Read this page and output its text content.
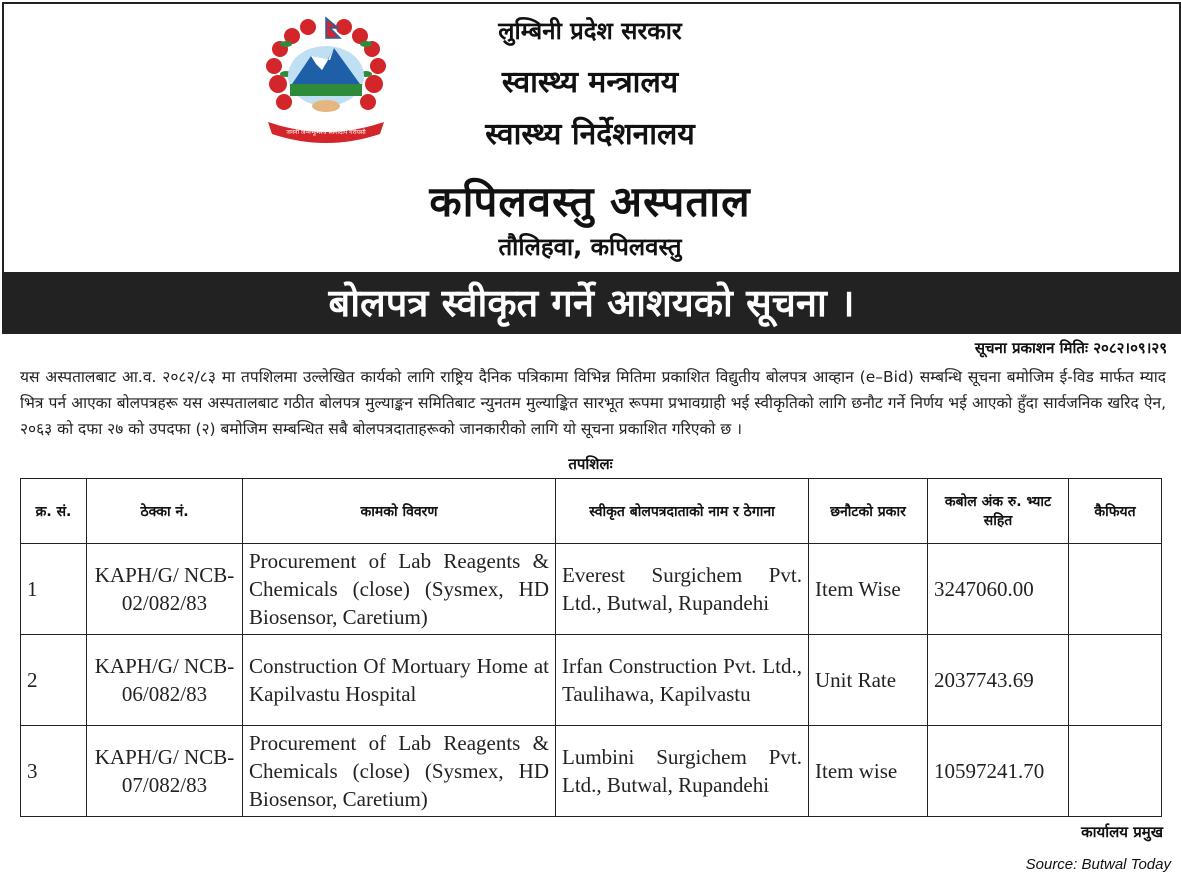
जननी जन्मभूमिश्च स्वर्गादपि गरीयसी
लुम्बिनी प्रदेश सरकार
स्वास्थ्य मन्त्रालय
स्वास्थ्य निर्देशनालय
कपिलवस्तु अस्पताल
तौलिहवा, कपिलवस्तु
बोलपत्र स्वीकृत गर्ने आशयको सूचना ।
सूचना प्रकाशन मितिः २०८२।०९।२९
यस अस्पतालबाट आ.व. २०८२/८३ मा तपशिलमा उल्लेखित कार्यको लागि राष्ट्रिय दैनिक पत्रिकामा विभिन्न मितिमा प्रकाशित विद्युतीय बोलपत्र आव्हान (e–Bid) सम्बन्धि सूचना बमोजिम ई-विड मार्फत म्याद भित्र पर्न आएका बोलपत्रहरू यस अस्पतालबाट गठीत बोलपत्र मुल्याङ्कन समितिबाट न्युनतम मुल्याङ्कित सारभूत रूपमा प्रभावग्राही भई स्वीकृतिको लागि छनौट गर्ने निर्णय भई आएको हुँदा सार्वजनिक खरिद ऐन, २०६३ को दफा २७ को उपदफा (२) बमोजिम सम्बन्धित सबै बोलपत्रदाताहरूको जानकारीको लागि यो सूचना प्रकाशित गरिएको छ ।
तपशिलः
क्र. सं.	ठेक्का नं.	कामको विवरण	स्वीकृत बोलपत्रदाताको नाम र ठेगाना	छनौटको प्रकार	कबोल अंक रु. भ्याट सहित	कैफियत
1	KAPH/G/ NCB- 02/082/83	Procurement of Lab Reagents & Chemicals (close) (Sysmex, HD Biosensor, Caretium)	Everest Surgichem Pvt. Ltd., Butwal, Rupandehi	Item Wise	3247060.00	
2	KAPH/G/ NCB- 06/082/83	Construction Of Mortuary Home at Kapilvastu Hospital	Irfan Construction Pvt. Ltd., Taulihawa, Kapilvastu	Unit Rate	2037743.69	
3	KAPH/G/ NCB- 07/082/83	Procurement of Lab Reagents & Chemicals (close) (Sysmex, HD Biosensor, Caretium)	Lumbini Surgichem Pvt. Ltd., Butwal, Rupandehi	Item wise	10597241.70	
कार्यालय प्रमुख
Source: Butwal Today
